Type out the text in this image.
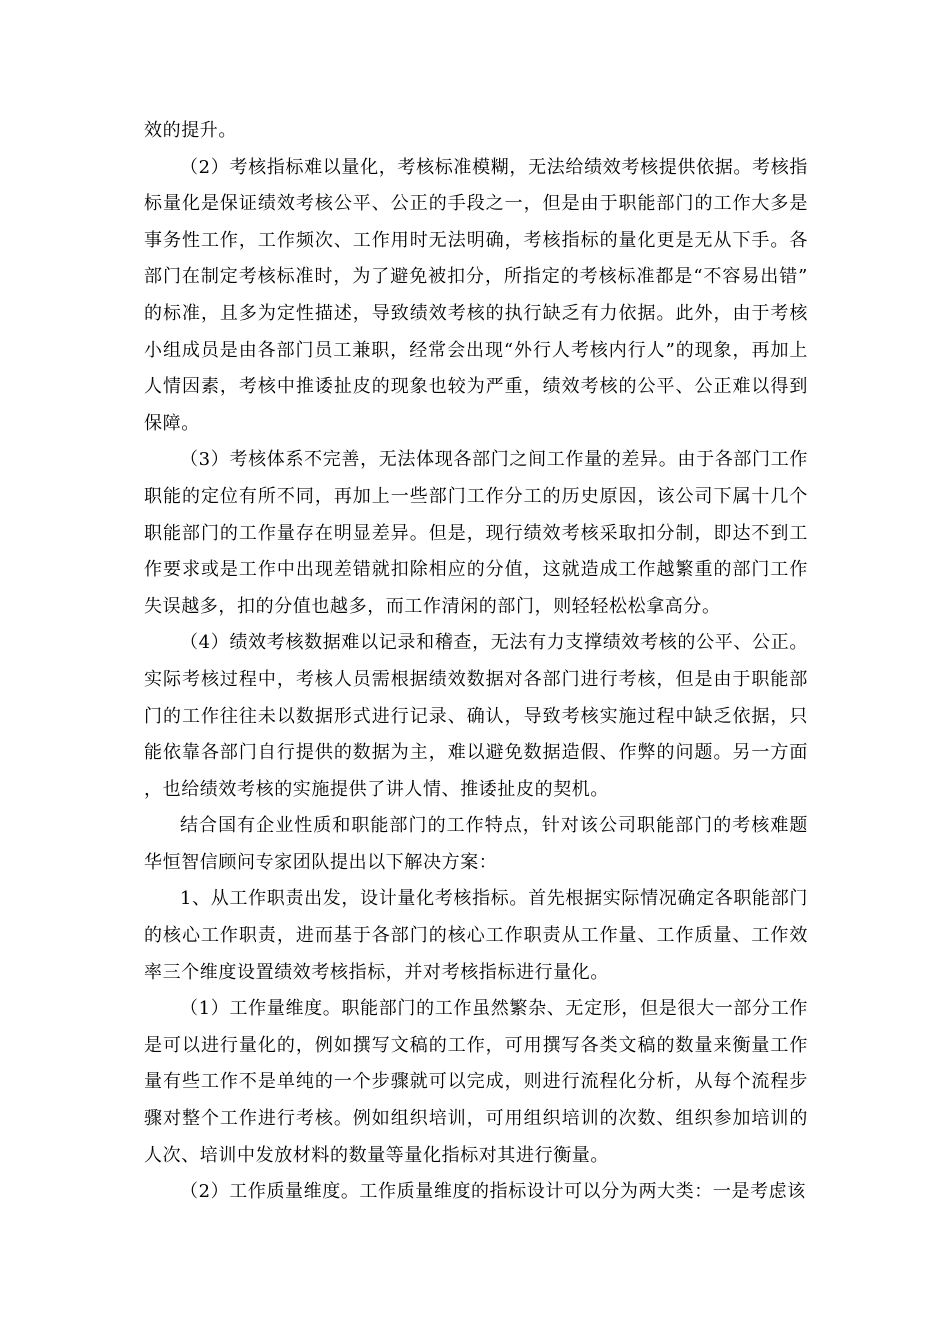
效的提升。

（2）考核指标难以量化，考核标准模糊，无法给绩效考核提供依据。考核指标量化是保证绩效考核公平、公正的手段之一，但是由于职能部门的工作大多是事务性工作，工作频次、工作用时无法明确，考核指标的量化更是无从下手。各部门在制定考核标准时，为了避免被扣分，所指定的考核标准都是“不容易出错”的标准，且多为定性描述，导致绩效考核的执行缺乏有力依据。此外，由于考核小组成员是由各部门员工兼职，经常会出现“外行人考核内行人”的现象，再加上人情因素，考核中推诿扯皮的现象也较为严重，绩效考核的公平、公正难以得到保障。

（3）考核体系不完善，无法体现各部门之间工作量的差异。由于各部门工作职能的定位有所不同，再加上一些部门工作分工的历史原因，该公司下属十几个职能部门的工作量存在明显差异。但是，现行绩效考核采取扣分制，即达不到工作要求或是工作中出现差错就扣除相应的分值，这就造成工作越繁重的部门工作失误越多，扣的分值也越多，而工作清闲的部门，则轻轻松松拿高分。

（4）绩效考核数据难以记录和稽查，无法有力支撑绩效考核的公平、公正。实际考核过程中，考核人员需根据绩效数据对各部门进行考核，但是由于职能部门的工作往往未以数据形式进行记录、确认，导致考核实施过程中缺乏依据，只能依靠各部门自行提供的数据为主，难以避免数据造假、作弊的问题。另一方面，也给绩效考核的实施提供了讲人情、推诿扯皮的契机。

结合国有企业性质和职能部门的工作特点，针对该公司职能部门的考核难题华恒智信顾问专家团队提出以下解决方案：

1、从工作职责出发，设计量化考核指标。首先根据实际情况确定各职能部门的核心工作职责，进而基于各部门的核心工作职责从工作量、工作质量、工作效率三个维度设置绩效考核指标，并对考核指标进行量化。

（1）工作量维度。职能部门的工作虽然繁杂、无定形，但是很大一部分工作是可以进行量化的，例如撰写文稿的工作，可用撰写各类文稿的数量来衡量工作量有些工作不是单纯的一个步骤就可以完成，则进行流程化分析，从每个流程步骤对整个工作进行考核。例如组织培训，可用组织培训的次数、组织参加培训的人次、培训中发放材料的数量等量化指标对其进行衡量。

（2）工作质量维度。工作质量维度的指标设计可以分为两大类：一是考虑该
